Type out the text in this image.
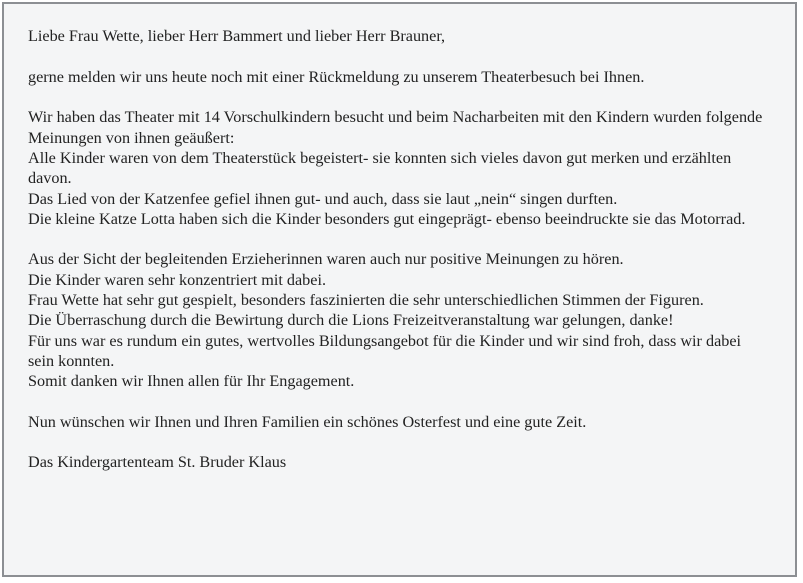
Liebe Frau Wette, lieber Herr Bammert und lieber Herr Brauner,

gerne melden wir uns heute noch mit einer Rückmeldung zu unserem Theaterbesuch bei Ihnen.

Wir haben das Theater mit 14 Vorschulkindern besucht und beim Nacharbeiten mit den Kindern wurden folgende

Meinungen von ihnen geäußert:

Alle Kinder waren von dem Theaterstück begeistert- sie konnten sich vieles davon gut merken und erzählten davon.

Das Lied von der Katzenfee gefiel ihnen gut- und auch, dass sie laut „nein“ singen durften.

Die kleine Katze Lotta haben sich die Kinder besonders gut eingeprägt- ebenso beeindruckte sie das Motorrad.

Aus der Sicht der begleitenden Erzieherinnen waren auch nur positive Meinungen zu hören.

Die Kinder waren sehr konzentriert mit dabei.

Frau Wette hat sehr gut gespielt, besonders faszinierten die sehr unterschiedlichen Stimmen der Figuren.

Die Überraschung durch die Bewirtung durch die Lions Freizeitveranstaltung war gelungen, danke!

Für uns war es rundum ein gutes, wertvolles Bildungsangebot für die Kinder und wir sind froh, dass wir dabei sein konnten.

Somit danken wir Ihnen allen für Ihr Engagement.

Nun wünschen wir Ihnen und Ihren Familien ein schönes Osterfest und eine gute Zeit.

Das Kindergartenteam St. Bruder Klaus
